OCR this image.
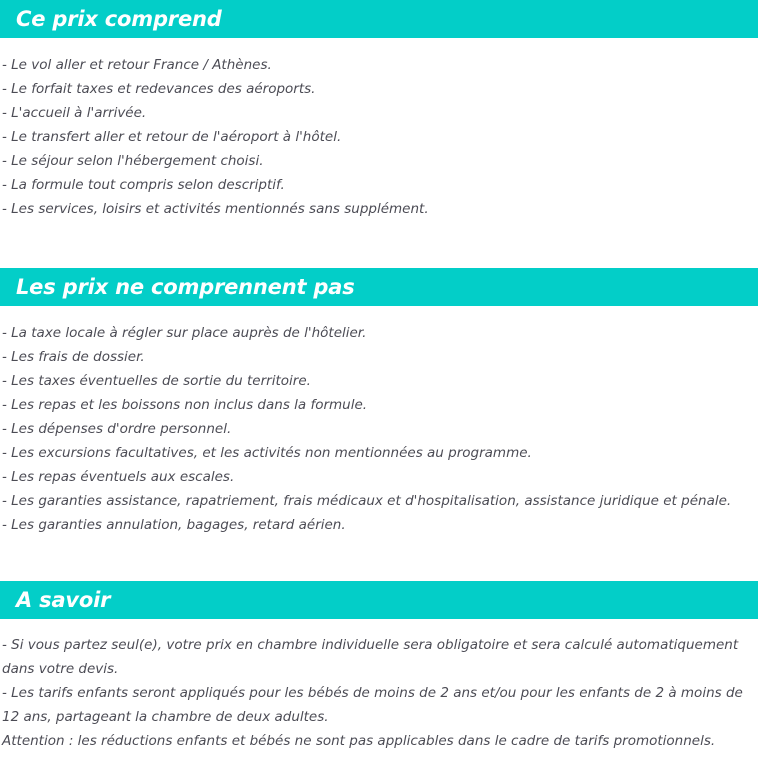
Ce prix comprend
- Le vol aller et retour France / Athènes.
- Le forfait taxes et redevances des aéroports.
- L'accueil à l'arrivée.
- Le transfert aller et retour de l'aéroport à l'hôtel.
- Le séjour selon l'hébergement choisi.
- La formule tout compris selon descriptif.
- Les services, loisirs et activités mentionnés sans supplément.
Les prix ne comprennent pas
- La taxe locale à régler sur place auprès de l'hôtelier.
- Les frais de dossier.
- Les taxes éventuelles de sortie du territoire.
- Les repas et les boissons non inclus dans la formule.
- Les dépenses d'ordre personnel.
- Les excursions facultatives, et les activités non mentionnées au programme.
- Les repas éventuels aux escales.
- Les garanties assistance, rapatriement, frais médicaux et d'hospitalisation, assistance juridique et pénale.
- Les garanties annulation, bagages, retard aérien.
A savoir

- Si vous partez seul(e), votre prix en chambre individuelle sera obligatoire et sera calculé automatiquement dans votre devis.

- Les tarifs enfants seront appliqués pour les bébés de moins de 2 ans et/ou pour les enfants de 2 à moins de 12 ans, partageant la chambre de deux adultes.

Attention : les réductions enfants et bébés ne sont pas applicables dans le cadre de tarifs promotionnels.
